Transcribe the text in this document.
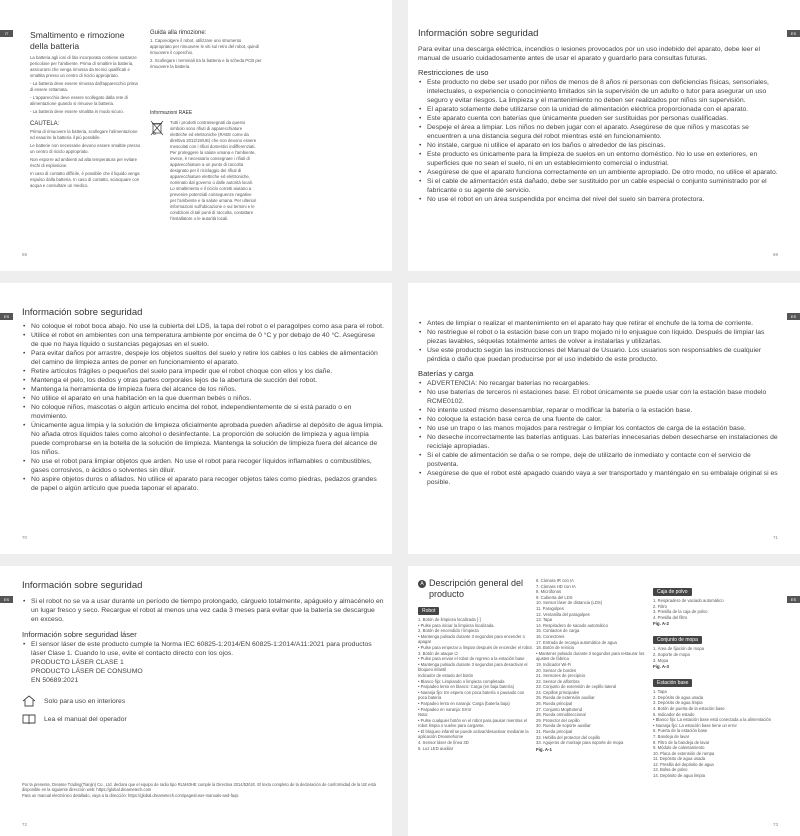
IT	Smaltimento e rimozione della batteria
La batteria agli ioni di litio incorporata contiene sostanze pericolose per l'ambiente. Prima di smaltire la batteria, assicurarsi che venga rimossa da tecnici qualificati e smaltita presso un centro di riciclo appropriato.
- La batteria deve essere rimossa dall'apparecchio prima di essere rottamata.
- L'apparecchio deve essere scollegato dalla rete di alimentazione quando si rimuove la batteria.
- La batteria deve essere smaltita in modo sicuro.
CAUTELA:
Prima di rimuovere la batteria, scollegare l'alimentazione ed esaurire la batteria il più possibile.
Le batterie non necessarie devono essere smaltite presso un centro di riciclo appropriato.
Non esporre ad ambienti ad alta temperatura per evitare rischi di esplosione.
In caso di contatto difficile, è possibile che il liquido venga espulso dalla batteria. In caso di contatto, sciacquare con acqua e consultare un medico.
Guida alla rimozione:
1. Capovolgere il robot, utilizzare uno strumento appropriato per rimuovere le viti sul retro del robot, quindi rimuovere il coperchio.
2. Scollegare i terminali tra la batteria e la scheda PCB per rimuovere la batteria.
Informazioni RAEE
Tutti i prodotti contrassegnati da questo simbolo sono rifiuti di apparecchiature elettriche ed elettroniche (RAEE come da direttiva 2012/19/UE) che non devono essere mescolati con i rifiuti domestici indifferenziati. Per proteggere la salute umana e l'ambiente, invece, è necessario consegnare i rifiuti di apparecchiature a un punto di raccolta designato per il riciclaggio dei rifiuti di apparecchiature elettriche ed elettroniche, nominato dal governo o dalle autorità locali. Lo smaltimento e il riciclo corretti aiutano a prevenire potenziali conseguenze negative per l'ambiente e la salute umana. Per ulteriori informazioni sull'ubicazione e sui termini e le condizioni di tali punti di raccolta, contattare l'installatore o le autorità locali.
68
ES
Información sobre seguridad
Para evitar una descarga eléctrica, incendios o lesiones provocados por un uso indebido del aparato, debe leer el manual de usuario cuidadosamente antes de usar el aparato y guardarlo para consultas futuras.
Restricciones de uso
• Este producto no debe ser usado por niños de menos de 8 años ni personas con deficiencias físicas, sensoriales, intelectuales, o experiencia o conocimiento limitados sin la supervisión de un adulto o tutor para asegurar un uso seguro y evitar riesgos. La limpieza y el mantenimiento no deben ser realizados por niños sin supervisión.
• El aparato solamente debe utilizarse con la unidad de alimentación eléctrica proporcionada con el aparato.
• Este aparato cuenta con baterías que únicamente pueden ser sustituidas por personas cualificadas.
• Despeje el área a limpiar. Los niños no deben jugar con el aparato. Asegúrese de que niños y mascotas se encuentren a una distancia segura del robot mientras esté en funcionamiento.
• No instale, cargue ni utilice el aparato en los baños o alrededor de las piscinas.
• Este producto es únicamente para la limpieza de suelos en un entorno doméstico. No lo use en exteriores, en superficies que no sean el suelo, ni en un establecimiento comercial o industrial.
• Asegúrese de que el aparato funciona correctamente en un ambiente apropiado. De otro modo, no utilice el aparato.
• Si el cable de alimentación está dañado, debe ser sustituido por un cable especial o conjunto suministrado por el fabricante o su agente de servicio.
• No use el robot en un área suspendida por encima del nivel del suelo sin barrera protectora.
69
ES	Información sobre seguridad
• No coloque el robot boca abajo. No use la cubierta del LDS, la tapa del robot o el paragolpes como asa para el robot.
• Utilice el robot en ambientes con una temperatura ambiente por encima de 0 °C y por debajo de 40 °C. Asegúrese de que no haya líquido o sustancias pegajosas en el suelo.
• Para evitar daños por arrastre, despeje los objetos sueltos del suelo y retire los cables o los cables de alimentación del camino de limpieza antes de poner en funcionamiento el aparato.
• Retire artículos frágiles o pequeños del suelo para impedir que el robot choque con ellos y los dañe.
• Mantenga el pelo, los dedos y otras partes corporales lejos de la abertura de succión del robot.
• Mantenga la herramienta de limpieza fuera del alcance de los niños.
• No utilice el aparato en una habitación en la que duerman bebés o niños.
• No coloque niños, mascotas o algún artículo encima del robot, independientemente de si está parado o en movimiento.
• Únicamente agua limpia y la solución de limpieza oficialmente aprobada pueden añadirse al depósito de agua limpia. No añada otros líquidos tales como alcohol o desinfectante. La proporción de solución de limpieza y agua limpia puede comprobarse en la botella de la solución de limpieza. Mantenga la solución de limpieza fuera del alcance de los niños.
• No use el robot para limpiar objetos que arden. No use el robot para recoger líquidos inflamables o combustibles, gases corrosivos, o ácidos o solventes sin diluir.
• No aspire objetos duros o afilados. No utilice el aparato para recoger objetos tales como piedras, pedazos grandes de papel o algún artículo que pueda taponar el aparato.
70
ES
• Antes de limpiar o realizar el mantenimiento en el aparato hay que retirar el enchufe de la toma de corriente.
• No restriegue el robot o la estación base con un trapo mojado ni lo enjuague con líquido. Después de limpiar las piezas lavables, séquelas totalmente antes de volver a instalarlas y utilizarlas.
• Use este producto según las instrucciones del Manual de Usuario. Los usuarios son responsables de cualquier pérdida o daño que puedan producirse por el uso indebido de este producto.
Baterías y carga
• ADVERTENCIA: No recargar baterías no recargables.
• No use baterías de terceros ni estaciones base. El robot únicamente se puede usar con la estación base modelo RCME0102.
• No intente usted mismo desensamblar, reparar o modificar la batería o la estación base.
• No coloque la estación base cerca de una fuente de calor.
• No use un trapo o las manos mojados para restregar o limpiar los contactos de carga de la estación base.
• No deseche incorrectamente las baterías antiguas. Las baterías innecesarias deben desecharse en instalaciones de reciclaje apropiadas.
• Si el cable de alimentación se daña o se rompe, deje de utilizarlo de inmediato y contacte con el servicio de postventa.
• Asegúrese de que el robot esté apagado cuando vaya a ser transportado y manténgalo en su embalaje original si es posible.
71
ES
Información sobre seguridad
• Si el robot no se va a usar durante un período de tiempo prolongado, cárguelo totalmente, apáguelo y almacénelo en un lugar fresco y seco. Recargue el robot al menos una vez cada 3 meses para evitar que la batería se descargue en exceso.
Información sobre seguridad láser
• El sensor láser de este producto cumple la Norma IEC 60825-1:2014/EN 60825-1:2014/A11:2021 para productos láser Clase 1. Cuando lo use, evite el contacto directo con los ojos.
PRODUCTO LÁSER CLASE 1
PRODUCTO LÁSER DE CONSUMO
EN 50689:2021
Solo para uso en interiores
Lea el manual del operador
Por la presente, Dreame Trading(Tianjin) Co., Ltd. declara que el equipo de radio tipo RLM40HE cumple la Directiva 2014/53/UE. El texto completo de la declaración de conformidad de la UE está disponible en la siguiente dirección web: https://global.dreametech.com
Para un manual electrónico detallado, vaya a la dirección: https://global.dreametech.com/pages/user-manuals-and-faqs
72
ES
A Descripción general del producto
Robot
1. Botón de limpieza localizada [·]
• Pulse para iniciar la limpieza localizada.
2. Botón de encendido / limpieza
• Mantenga pulsado durante 3 segundos para encender o apagar
• Pulse para empezar a limpiar después de encender el robot.
3. Botón de ataque ⏻
• Pulse para enviar el robot de regreso a la estación base
• Mantenga pulsado durante 3 segundos para desactivar el bloqueo infantil
Indicador de estado del botón
• Blanco fijo: Limpiando o limpieza completada
• Parpadeo lento en blanco: Carga (en baja batería)
• Naranja fijo: En espera con poca batería o pausado con poca batería
• Parpadeo lento en naranja: Carga (batería baja)
• Parpadeo en naranja: Error
Nota:
• Pulse cualquier botón en el robot para pausar mientras el robot limpia o vuelve para cargarse.
• El bloqueo infantil se puede activar/desactivar mediante la aplicación Dreamehome
4. Sensor láser de línea 3D
5. Luz LED auxiliar
6. Cámara IR con IA
7. Cámara HD con IA
8. Micrófonos
9. Cubierta del LDS
10. Sensor láser de distancia (LDS)
11. Paragolpes
12. Ventanilla del paragolpes
13. Tapa
14. Respiradero de sacado automático
15. Contactos de carga
16. Conectores
17. Entrada de recarga automática de agua
18. Botón de reinicio
• Mantener pulsado durante 3 segundos para restaurar los ajustes de fábrica
19. Indicador Wi-Fi
20. Sensor de bordes
21. Sensores de precipicio
22. Sensor de alfombra
23. Conjunto de extensión de cepillo lateral
24. Cepillos principales
25. Rueda de extensión auxiliar
26. Rueda principal
27. Conjunto MopExtend
28. Rueda omnidireccional
29. Protector del cepillo
30. Rueda de soporte auxiliar
31. Rueda principal
32. Hebilla del protector del cepillo
33. Agujeros de montaje para soporte de mopa
Fig. A-1
Caja de polvo
1. Respiradero de vaciado automático
2. Filtro
3. Presilla de la caja de polvo
4. Presilla del filtro
Fig. A-2
Conjunto de mopa
1. Área de fijación de mopa
2. Soporte de mopa
3. Mopa
Fig. A-3
Estación base
1. Tapa
2. Depósito de agua usada
3. Depósito de agua limpia
4. Botón de puerta de la estación base
5. Indicador de estado
• Blanco fijo: La estación base está conectada a la alimentación
• Naranja fijo: La estación base tiene un error
6. Puerta de la estación base
7. Bandeja de lavar
8. Filtro de la bandeja de lavar
9. Módulo de calentamiento
10. Placa de extensión de rampa
11. Depósito de agua usada
12. Presilla del depósito de agua
13. Bolsa de polvo
14. Depósito de agua limpia
73
